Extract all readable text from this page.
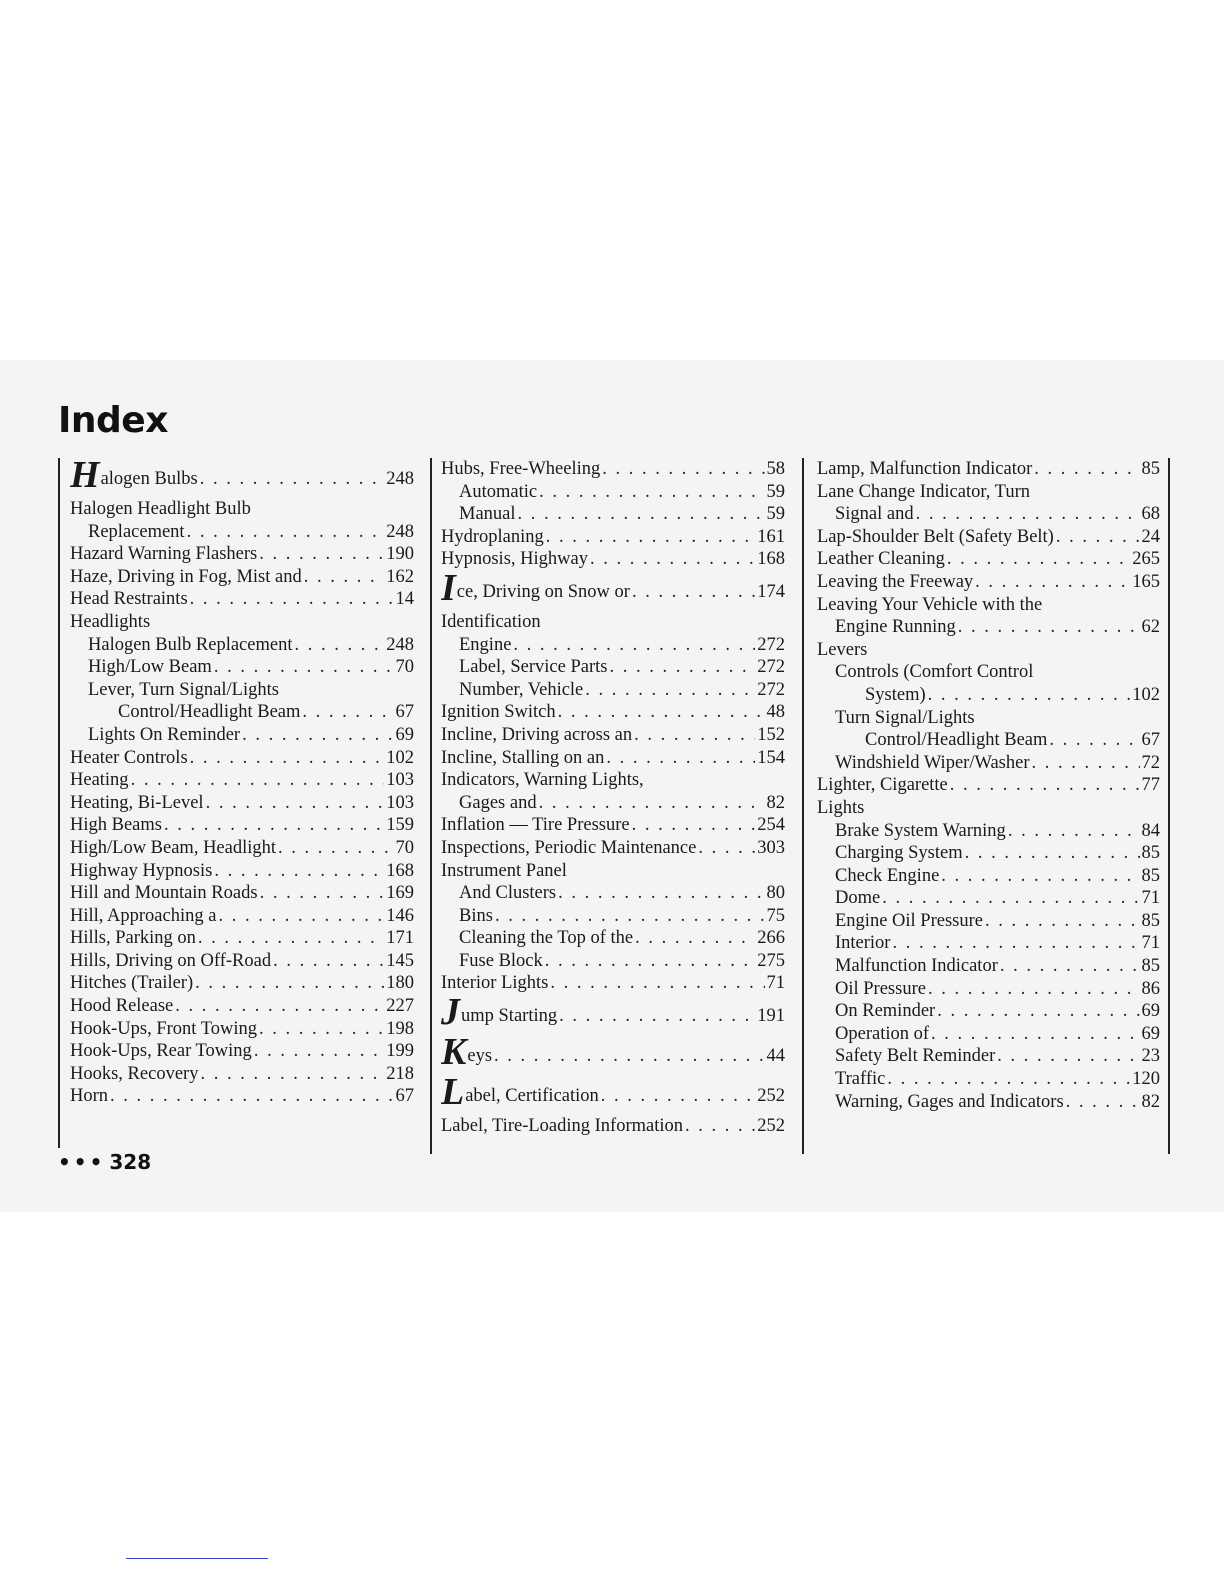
Index
Halogen Bulbs . . .	248
Halogen Headlight Bulb
Replacement . . .	248
Hazard Warning Flashers . . .	190
Haze, Driving in Fog, Mist and . . .	162
Head Restraints . . .	14
Headlights
Halogen Bulb Replacement . . .	248
High/Low Beam . . .	70
Lever, Turn Signal/Lights
Control/Headlight Beam . . .	67
Lights On Reminder . . .	69
Heater Controls . . .	102
Heating . . .	103
Heating, Bi-Level . . .	103
High Beams . . .	159
High/Low Beam, Headlight . . .	70
Highway Hypnosis . . .	168
Hill and Mountain Roads . . .	169
Hill, Approaching a . . .	146
Hills, Parking on . . .	171
Hills, Driving on Off-Road . . .	145
Hitches (Trailer) . . .	180
Hood Release . . .	227
Hook-Ups, Front Towing . . .	198
Hook-Ups, Rear Towing . . .	199
Hooks, Recovery . . .	218
Horn . . .	67
Hubs, Free-Wheeling . . .	58
Automatic . . .	59
Manual . . .	59
Hydroplaning . . .	161
Hypnosis, Highway . . .	168
Ice, Driving on Snow or . . .	174
Identification
Engine . . .	272
Label, Service Parts . . .	272
Number, Vehicle . . .	272
Ignition Switch . . .	48
Incline, Driving across an . . .	152
Incline, Stalling on an . . .	154
Indicators, Warning Lights,
Gages and . . .	82
Inflation — Tire Pressure . . .	254
Inspections, Periodic Maintenance . . .	303
Instrument Panel
And Clusters . . .	80
Bins . . .	75
Cleaning the Top of the . . .	266
Fuse Block . . .	275
Interior Lights . . .	71
Jump Starting . . .	191
Keys . . .	44
Label, Certification . . .	252
Label, Tire-Loading Information . . .	252
Lamp, Malfunction Indicator . . .	85
Lane Change Indicator, Turn
Signal and . . .	68
Lap-Shoulder Belt (Safety Belt) . . .	24
Leather Cleaning . . .	265
Leaving the Freeway . . .	165
Leaving Your Vehicle with the
Engine Running . . .	62
Levers
Controls (Comfort Control
System) . . .	102
Turn Signal/Lights
Control/Headlight Beam . . .	67
Windshield Wiper/Washer . . .	72
Lighter, Cigarette . . .	77
Lights
Brake System Warning . . .	84
Charging System . . .	85
Check Engine . . .	85
Dome . . .	71
Engine Oil Pressure . . .	85
Interior . . .	71
Malfunction Indicator . . .	85
Oil Pressure . . .	86
On Reminder . . .	69
Operation of . . .	69
Safety Belt Reminder . . .	23
Traffic . . .	120
Warning, Gages and Indicators . . .	82
••• 328
